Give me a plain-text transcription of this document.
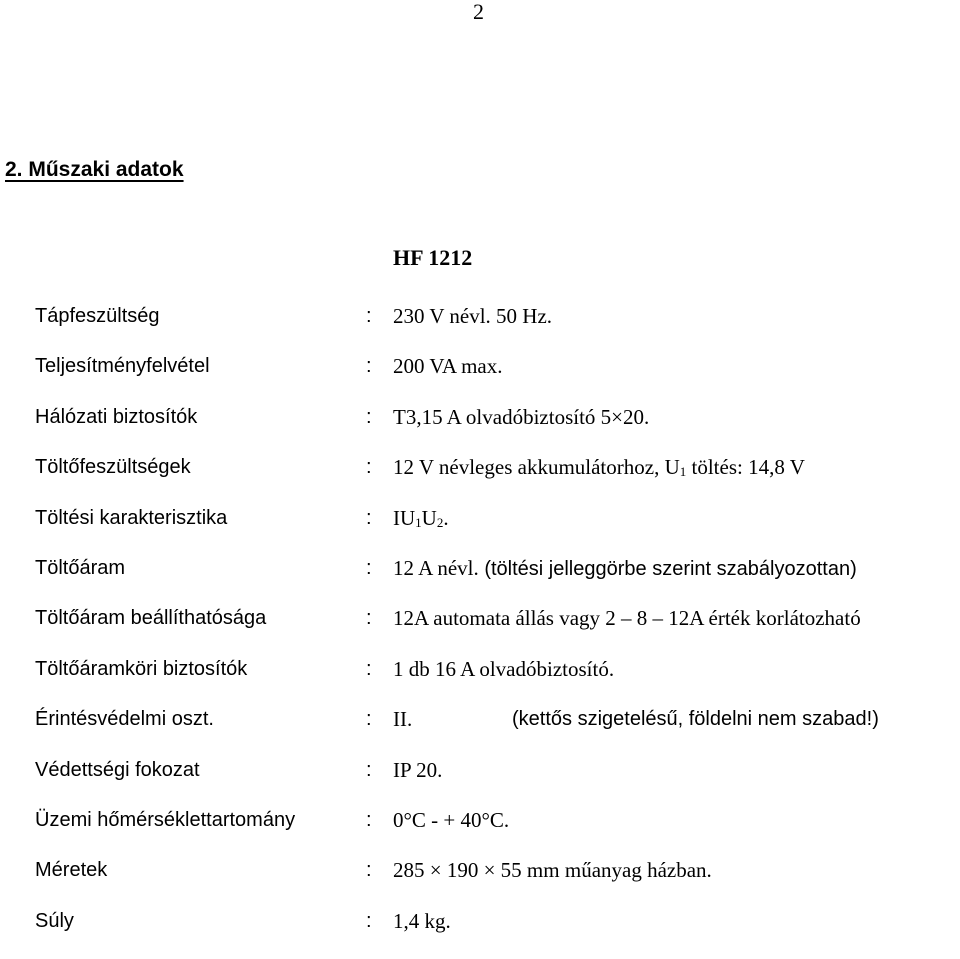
2
2. Műszaki adatok
HF 1212
Tápfeszültség	: 230 V névl. 50 Hz.
Teljesítményfelvétel	: 200 VA max.
Hálózati biztosítók	: T3,15 A olvadóbiztosító 5×20.
Töltőfeszültségek	: 12 V névleges akkumulátorhoz, $U_1$ töltés: 14,8 V
Töltési karakterisztika	: $IU_1U_2$.
Töltőáram	: 12 A névl. (töltési jelleggörbe szerint szabályozottan)
Töltőáram beállíthatósága	: 12A automata állás vagy 2 – 8 – 12A érték korlátozható
Töltőáramköri biztosítók	: 1 db 16 A olvadóbiztosító.
Érintésvédelmi oszt.	: II.	(kettős szigetelésű, földelni nem szabad!)
Védettségi fokozat	: IP 20.
Üzemi hőmérséklettartomány	: 0°C - + 40°C.
Méretek	: 285 × 190 × 55 mm műanyag házban.
Súly	: 1,4 kg.
